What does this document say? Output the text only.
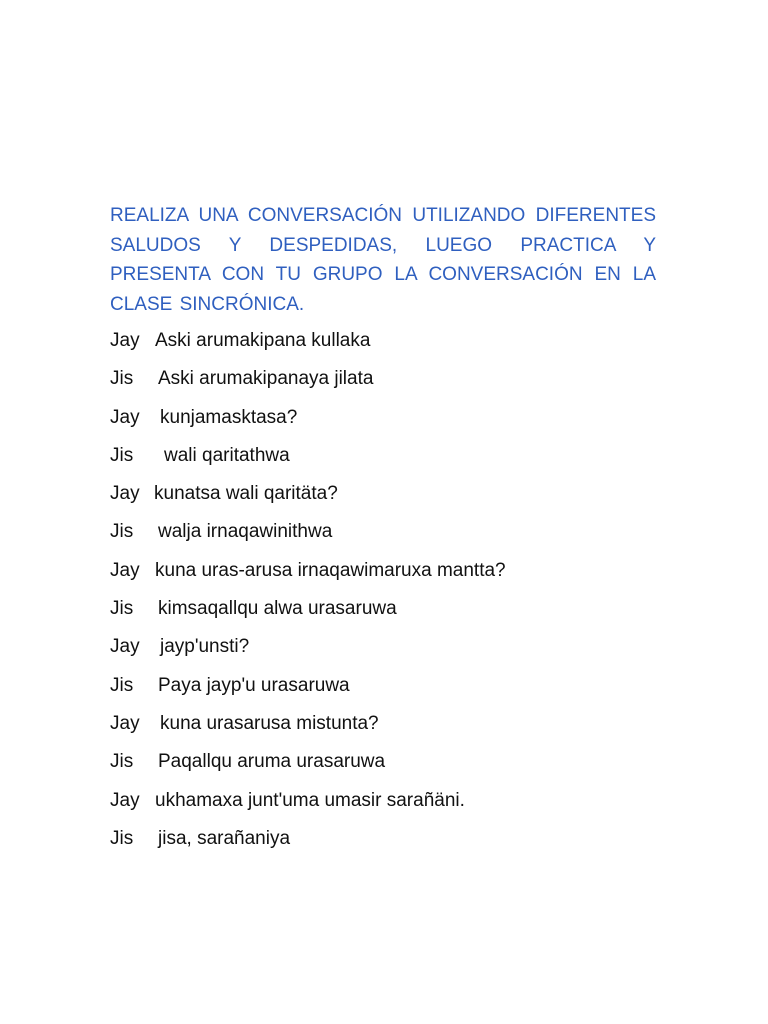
REALIZA UNA CONVERSACIÓN UTILIZANDO DIFERENTES SALUDOS Y DESPEDIDAS, LUEGO PRACTICA Y PRESENTA CON TU GRUPO LA CONVERSACIÓN EN LA CLASE SINCRÓNICA.

Jay Aski arumakipana kullaka
Jis Aski arumakipanaya jilata
Jay kunjamasktasa?
Jis wali qaritathwa
Jay kunatsa wali qaritäta?
Jis walja irnaqawinithwa
Jay kuna uras-arusa irnaqawimaruxa mantta?
Jis kimsaqallqu alwa urasaruwa
Jay jayp'unsti?
Jis Paya jayp'u urasaruwa
Jay kuna urasarusa mistunta?
Jis Paqallqu aruma urasaruwa
Jay ukhamaxa junt'uma umasir sarañäni.
Jis jisa, sarañaniya
